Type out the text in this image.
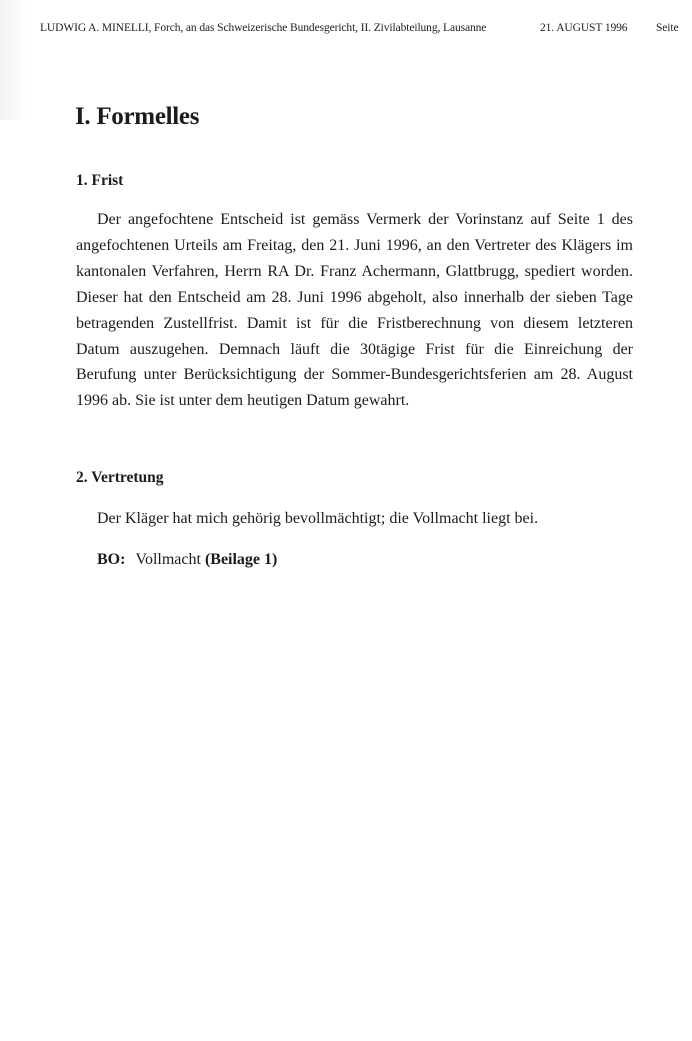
LUDWIG A. MINELLI, Forch, an das Schweizerische Bundesgericht, II. Zivilabteilung, Lausanne	21. AUGUST 1996 Seite
I. Formelles
1. Frist

Der angefochtene Entscheid ist gemäss Vermerk der Vorinstanz auf Seite 1 des angefochtenen Urteils am Freitag, den 21. Juni 1996, an den Vertreter des Klägers im kantonalen Verfahren, Herrn RA Dr. Franz Achermann, Glattbrugg, spediert worden. Dieser hat den Entscheid am 28. Juni 1996 abgeholt, also innerhalb der sieben Tage betragenden Zustellfrist. Damit ist für die Fristberechnung von diesem letzteren Datum auszugehen. Demnach läuft die 30tägige Frist für die Einreichung der Berufung unter Berücksichtigung der Sommer-Bundesgerichtsferien am 28. August 1996 ab. Sie ist unter dem heutigen Datum gewahrt.

2. Vertretung

Der Kläger hat mich gehörig bevollmächtigt; die Vollmacht liegt bei.

BO: Vollmacht (Beilage 1)
